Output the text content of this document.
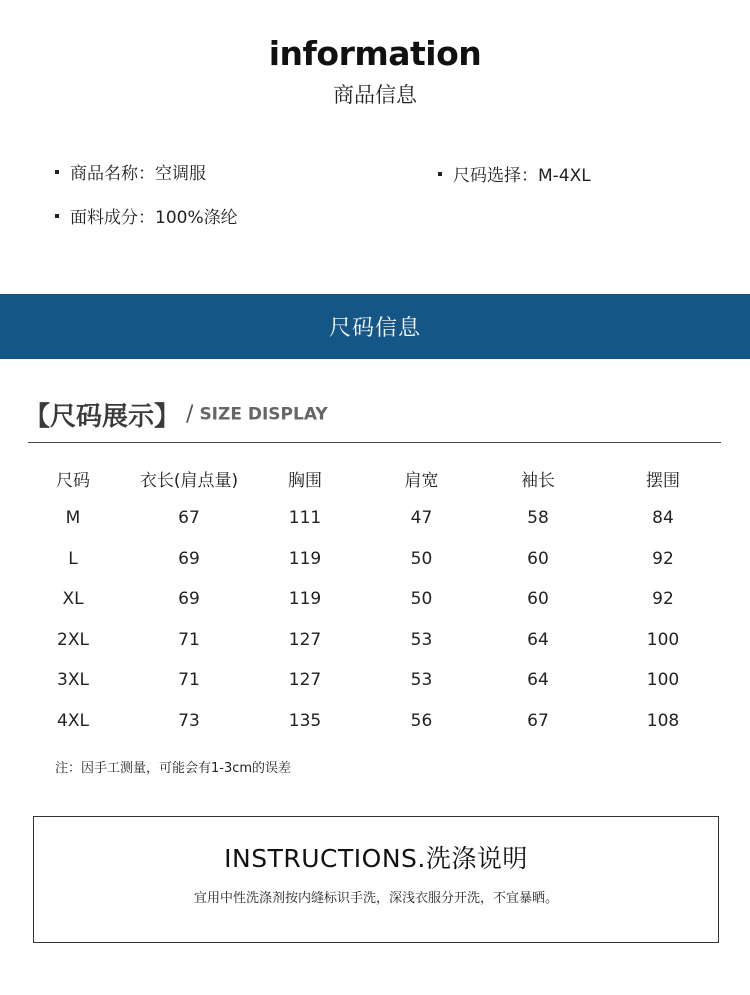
information
商品信息
商品名称：空调服	尺码选择：M-4XL
面料成分：100%涤纶
尺码信息
【尺码展示】 / SIZE DISPLAY
尺码	衣长(肩点量)	胸围	肩宽	袖长	摆围
M	67	111	47	58	84
L	69	119	50	60	92
XL	69	119	50	60	92
2XL	71	127	53	64	100
3XL	71	127	53	64	100
4XL	73	135	56	67	108
注：因手工测量，可能会有1-3cm的误差
INSTRUCTIONS.洗涤说明
宜用中性洗涤剂按内缝标识手洗，深浅衣服分开洗，不宜暴晒。
